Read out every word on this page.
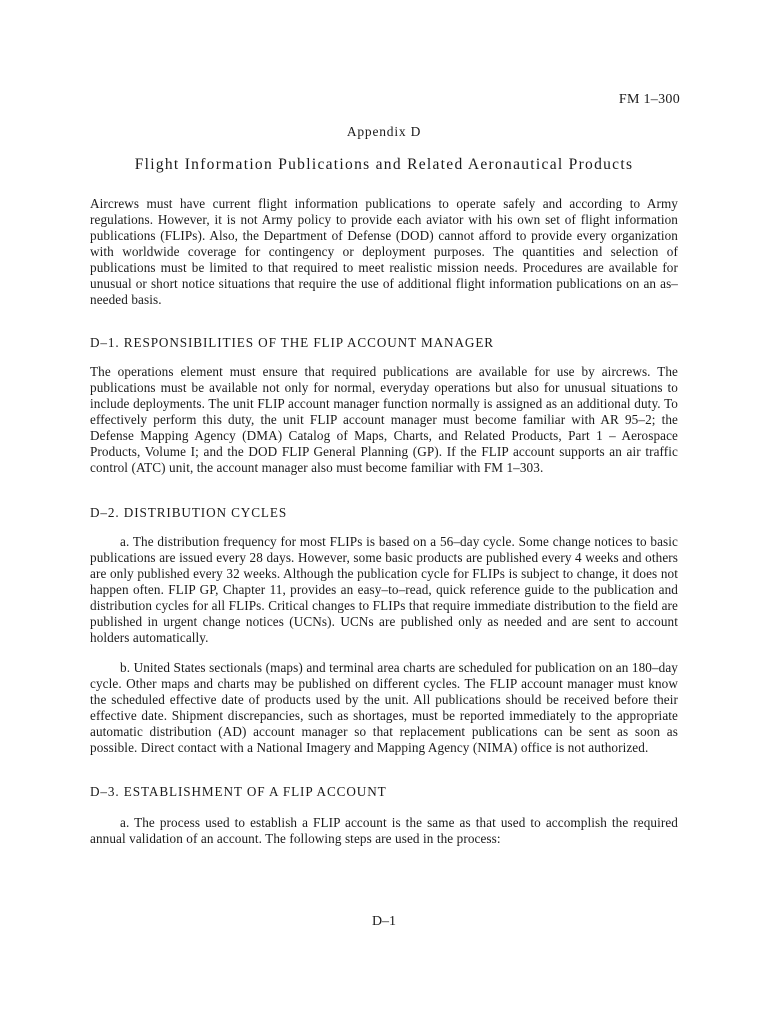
FM 1–300
Appendix D
Flight Information Publications and Related Aeronautical Products

Aircrews must have current flight information publications to operate safely and according to Army regulations. However, it is not Army policy to provide each aviator with his own set of flight information publications (FLIPs). Also, the Department of Defense (DOD) cannot afford to provide every organization with worldwide coverage for contingency or deployment purposes. The quantities and selection of publications must be limited to that required to meet realistic mission needs. Procedures are available for unusual or short notice situations that require the use of additional flight information publications on an as–needed basis.

D–1. RESPONSIBILITIES OF THE FLIP ACCOUNT MANAGER

The operations element must ensure that required publications are available for use by aircrews. The publications must be available not only for normal, everyday operations but also for unusual situations to include deployments. The unit FLIP account manager function normally is assigned as an additional duty. To effectively perform this duty, the unit FLIP account manager must become familiar with AR 95–2; the Defense Mapping Agency (DMA) Catalog of Maps, Charts, and Related Products, Part 1 – Aerospace Products, Volume I; and the DOD FLIP General Planning (GP). If the FLIP account supports an air traffic control (ATC) unit, the account manager also must become familiar with FM 1–303.

D–2. DISTRIBUTION CYCLES

a. The distribution frequency for most FLIPs is based on a 56–day cycle. Some change notices to basic publications are issued every 28 days. However, some basic products are published every 4 weeks and others are only published every 32 weeks. Although the publication cycle for FLIPs is subject to change, it does not happen often. FLIP GP, Chapter 11, provides an easy–to–read, quick reference guide to the publication and distribution cycles for all FLIPs. Critical changes to FLIPs that require immediate distribution to the field are published in urgent change notices (UCNs). UCNs are published only as needed and are sent to account holders automatically.

b. United States sectionals (maps) and terminal area charts are scheduled for publication on an 180–day cycle. Other maps and charts may be published on different cycles. The FLIP account manager must know the scheduled effective date of products used by the unit. All publications should be received before their effective date. Shipment discrepancies, such as shortages, must be reported immediately to the appropriate automatic distribution (AD) account manager so that replacement publications can be sent as soon as possible. Direct contact with a National Imagery and Mapping Agency (NIMA) office is not authorized.

D–3. ESTABLISHMENT OF A FLIP ACCOUNT

a. The process used to establish a FLIP account is the same as that used to accomplish the required annual validation of an account. The following steps are used in the process:

D–1
